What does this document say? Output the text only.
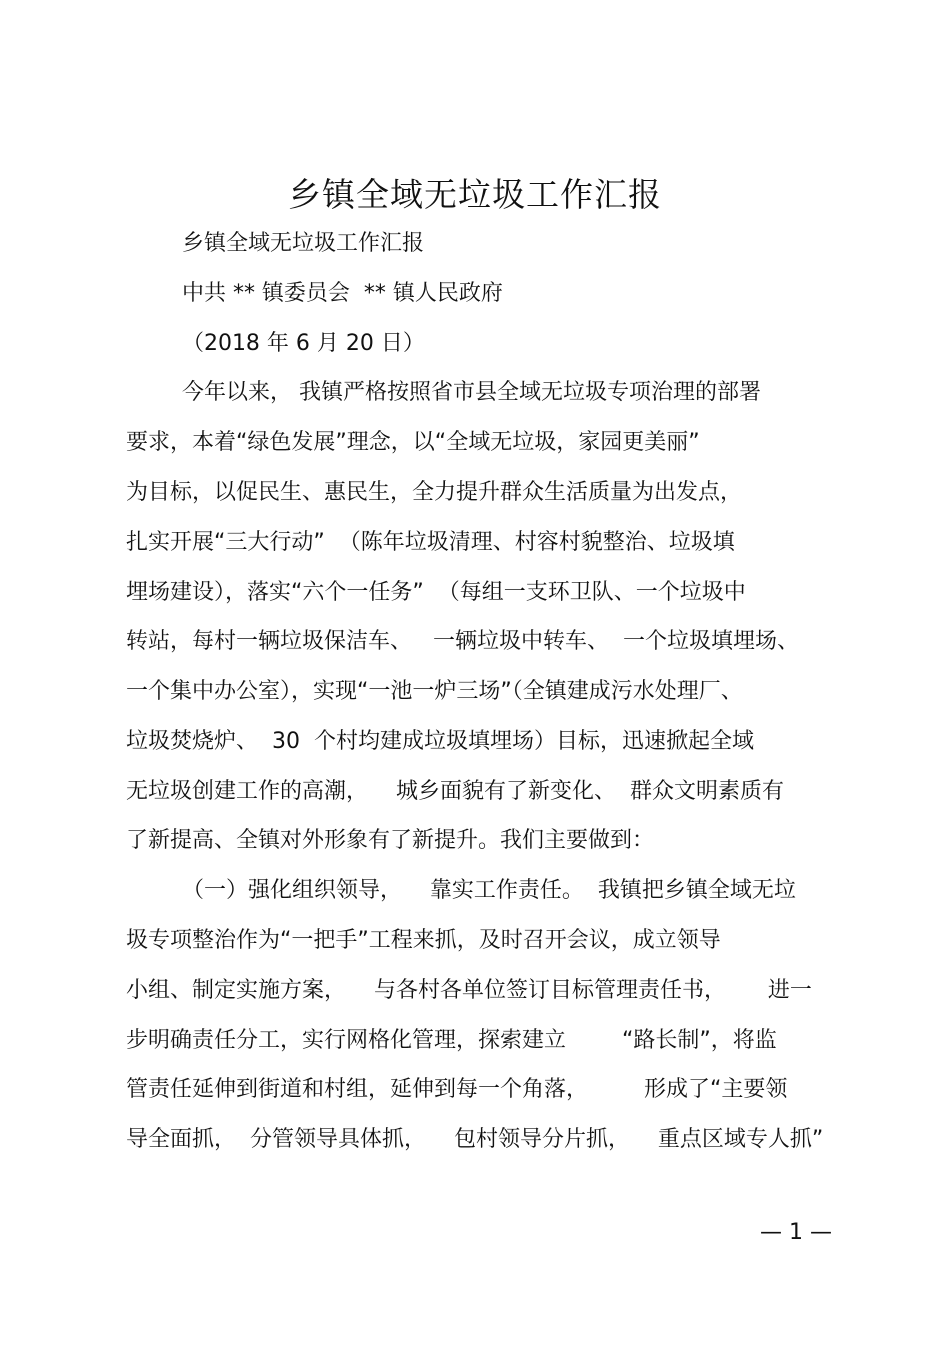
乡镇全域无垃圾工作汇报
乡镇全域无垃圾工作汇报
中共 ** 镇委员会  ** 镇人民政府
（2018 年 6 月 20 日）
今年以来， 我镇严格按照省市县全域无垃圾专项治理的部署
要求，本着“绿色发展”理念，以“全域无垃圾，家园更美丽”
为目标，以促民生、惠民生，全力提升群众生活质量为出发点，
扎实开展“三大行动”  （陈年垃圾清理、村容村貌整治、垃圾填
埋场建设），落实“六个一任务”  （每组一支环卫队、一个垃圾中
转站，每村一辆垃圾保洁车、   一辆垃圾中转车、  一个垃圾填埋场、
一个集中办公室），实现“一池一炉三场”（全镇建成污水处理厂、
垃圾焚烧炉、  30  个村均建成垃圾填埋场）目标，迅速掀起全域
无垃圾创建工作的高潮，    城乡面貌有了新变化、  群众文明素质有
了新提高、全镇对外形象有了新提升。我们主要做到：
（一）强化组织领导，    靠实工作责任。  我镇把乡镇全域无垃
圾专项整治作为“一把手”工程来抓，及时召开会议，成立领导
小组、制定实施方案，    与各村各单位签订目标管理责任书，      进一
步明确责任分工，实行网格化管理，探索建立        “路长制”，将监
管责任延伸到街道和村组，延伸到每一个角落，        形成了“主要领
导全面抓，  分管领导具体抓，    包村领导分片抓，    重点区域专人抓”
— 1 —
